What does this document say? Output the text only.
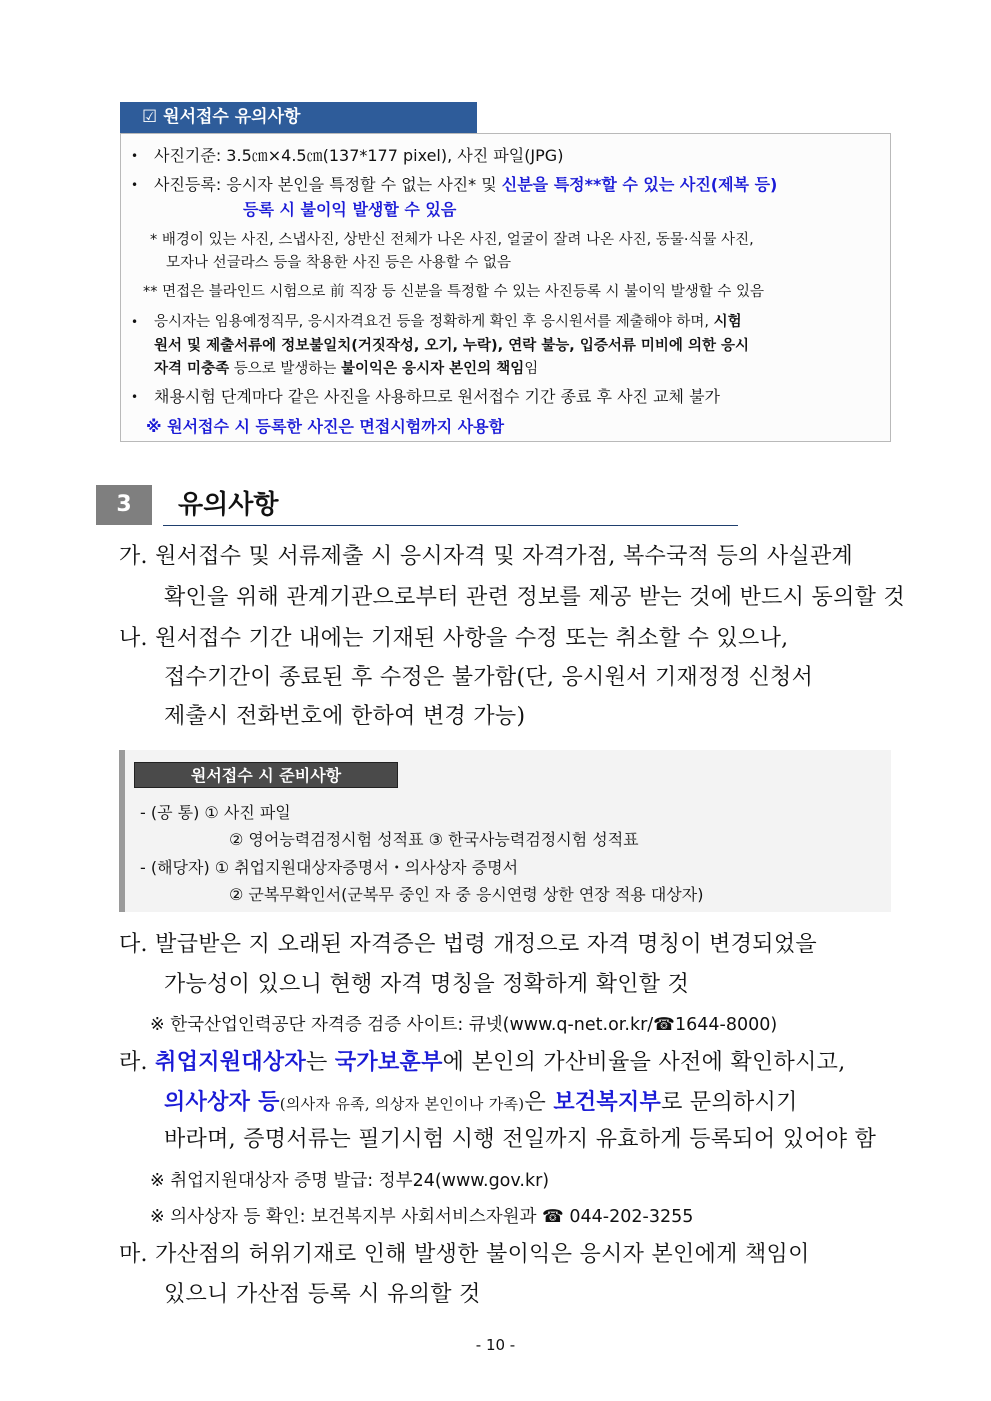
☑ 원서접수 유의사항
• 사진기준: 3.5㎝×4.5㎝(137*177 pixel), 사진 파일(JPG)
• 사진등록: 응시자 본인을 특정할 수 없는 사진* 및 신분을 특정**할 수 있는 사진(제복 등)
등록 시 불이익 발생할 수 있음
* 배경이 있는 사진, 스냅사진, 상반신 전체가 나온 사진, 얼굴이 잘려 나온 사진, 동물·식물 사진,
모자나 선글라스 등을 착용한 사진 등은 사용할 수 없음
** 면접은 블라인드 시험으로 前 직장 등 신분을 특정할 수 있는 사진등록 시 불이익 발생할 수 있음
• 응시자는 임용예정직무, 응시자격요건 등을 정확하게 확인 후 응시원서를 제출해야 하며, 시험
원서 및 제출서류에 정보불일치(거짓작성, 오기, 누락), 연락 불능, 입증서류 미비에 의한 응시
자격 미충족 등으로 발생하는 불이익은 응시자 본인의 책임임
• 채용시험 단계마다 같은 사진을 사용하므로 원서접수 기간 종료 후 사진 교체 불가
※ 원서접수 시 등록한 사진은 면접시험까지 사용함
3	유의사항
가. 원서접수 및 서류제출 시 응시자격 및 자격가점, 복수국적 등의 사실관계
확인을 위해 관계기관으로부터 관련 정보를 제공 받는 것에 반드시 동의할 것
나. 원서접수 기간 내에는 기재된 사항을 수정 또는 취소할 수 있으나,
접수기간이 종료된 후 수정은 불가함(단, 응시원서 기재정정 신청서
제출시 전화번호에 한하여 변경 가능)
원서접수 시 준비사항
- (공 통) ① 사진 파일
② 영어능력검정시험 성적표 ③ 한국사능력검정시험 성적표
- (해당자) ① 취업지원대상자증명서・의사상자 증명서
② 군복무확인서(군복무 중인 자 중 응시연령 상한 연장 적용 대상자)
다. 발급받은 지 오래된 자격증은 법령 개정으로 자격 명칭이 변경되었을
가능성이 있으니 현행 자격 명칭을 정확하게 확인할 것
※ 한국산업인력공단 자격증 검증 사이트: 큐넷(www.q-net.or.kr/☎1644-8000)
라. 취업지원대상자는 국가보훈부에 본인의 가산비율을 사전에 확인하시고,
의사상자 등(의사자 유족, 의상자 본인이나 가족)은 보건복지부로 문의하시기
바라며, 증명서류는 필기시험 시행 전일까지 유효하게 등록되어 있어야 함
※ 취업지원대상자 증명 발급: 정부24(www.gov.kr)
※ 의사상자 등 확인: 보건복지부 사회서비스자원과 ☎ 044-202-3255
마. 가산점의 허위기재로 인해 발생한 불이익은 응시자 본인에게 책임이
있으니 가산점 등록 시 유의할 것
- 10 -
